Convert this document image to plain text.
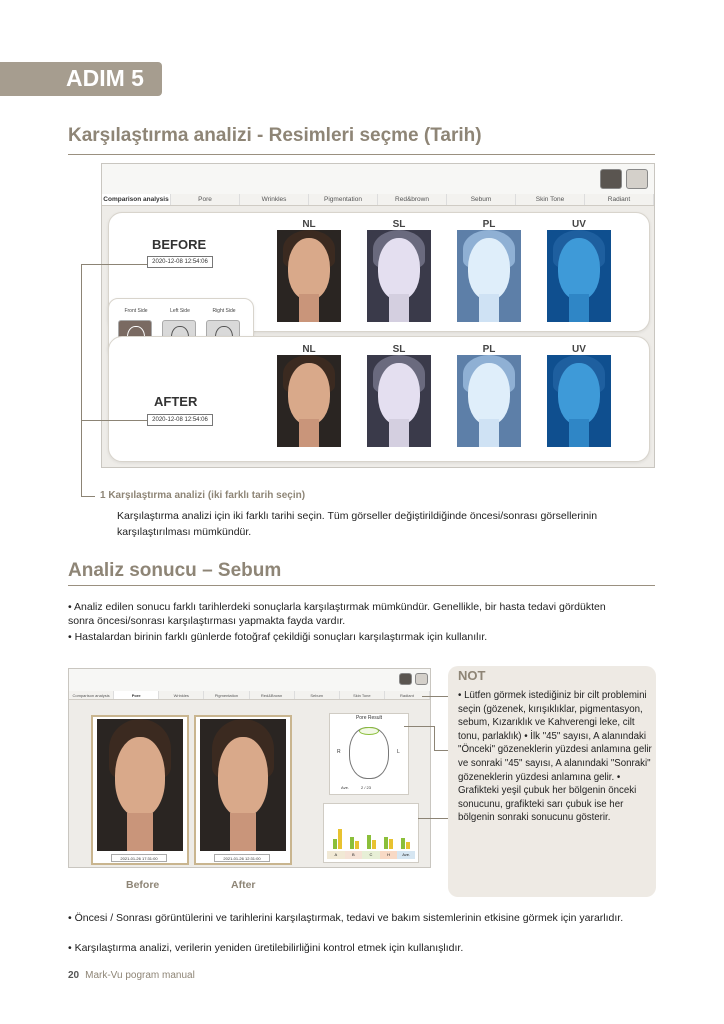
ADIM 5
Karşılaştırma analizi - Resimleri seçme (Tarih)
Comparison analysis	Pore	Wrinkles	Pigmentation	Red&brown	Sebum	Skin Tone	Radiant
BEFORE
2020-12-08 12:54:06
NL	SL	PL	UV
Front Side	Left Side	Right Side
AFTER
2020-12-08 12:54:06
NL	SL	PL	UV
1 Karşılaştırma analizi (iki farklı tarih seçin)
Karşılaştırma analizi için iki farklı tarihi seçin. Tüm görseller değiştirildiğinde öncesi/sonrası görsellerinin karşılaştırılması mümkündür.
Analiz sonucu – Sebum
• Analiz edilen sonucu farklı tarihlerdeki sonuçlarla karşılaştırmak mümkündür. Genellikle, bir hasta tedavi gördükten sonra öncesi/sonrası karşılaştırması yapmakta fayda vardır.
• Hastalardan birinin farklı günlerde fotoğraf çekildiği sonuçları karşılaştırmak için kullanılır.
Comparison analysis	Pore	Wrinkles	Pigmentation	Red&Brown	Sebum	Skin Tone	Radiant
2021-01-26 17:31:00	2021-01-26 12:31:00
Pore Result
R	L
Ave.	2 / 23
A	B	C	H	Ave.
Before	After
NOT
• Lütfen görmek istediğiniz bir cilt problemini seçin (gözenek, kırışıklıklar, pigmentasyon, sebum, Kızarıklık ve Kahverengi leke, cilt tonu, parlaklık) • İlk "45" sayısı, A alanındaki "Önceki" gözeneklerin yüzdesi anlamına gelir ve sonraki "45" sayısı, A alanındaki "Sonraki" gözeneklerin yüzdesi anlamına gelir. • Grafikteki yeşil çubuk her bölgenin önceki sonucunu, grafikteki sarı çubuk ise her bölgenin sonraki sonucunu gösterir.
• Öncesi / Sonrası görüntülerini ve tarihlerini karşılaştırmak, tedavi ve bakım sistemlerinin etkisine görmek için yararlıdır.
• Karşılaştırma analizi, verilerin yeniden üretilebilirliğini kontrol etmek için kullanışlıdır.
20 Mark-Vu pogram manual
